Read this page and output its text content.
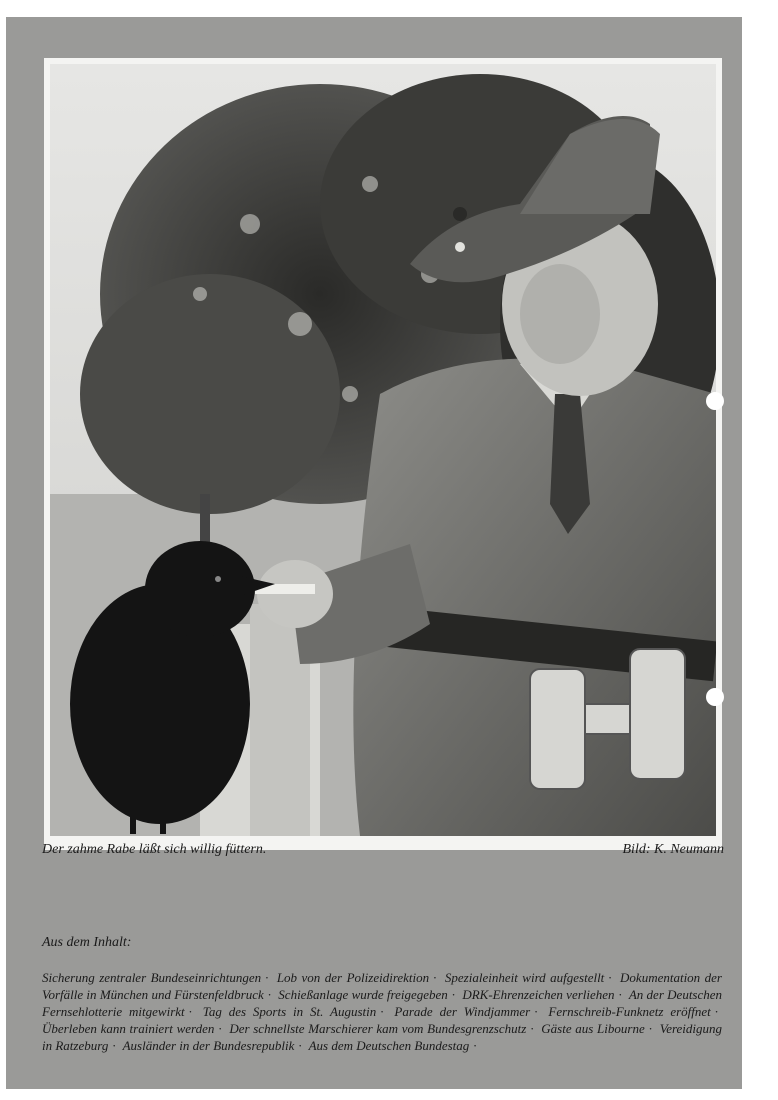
Der zahme Rabe läßt sich willig füttern.	Bild: K. Neumann
Aus dem Inhalt:
Sicherung zentraler Bundeseinrichtungen · Lob von der Polizeidirektion · Spezialeinheit wird aufgestellt · Dokumentation der Vorfälle in München und Fürstenfeldbruck · Schießanlage wurde freigegeben · DRK-Ehrenzeichen verliehen · An der Deutschen Fernsehlotterie mitgewirkt · Tag des Sports in St. Augustin · Parade der Windjammer · Fernschreib-Funknetz eröffnet · Überleben kann trainiert werden · Der schnellste Marschierer kam vom Bundesgrenzschutz · Gäste aus Libourne · Vereidigung in Ratzeburg · Ausländer in der Bundesrepublik · Aus dem Deutschen Bundestag ·
